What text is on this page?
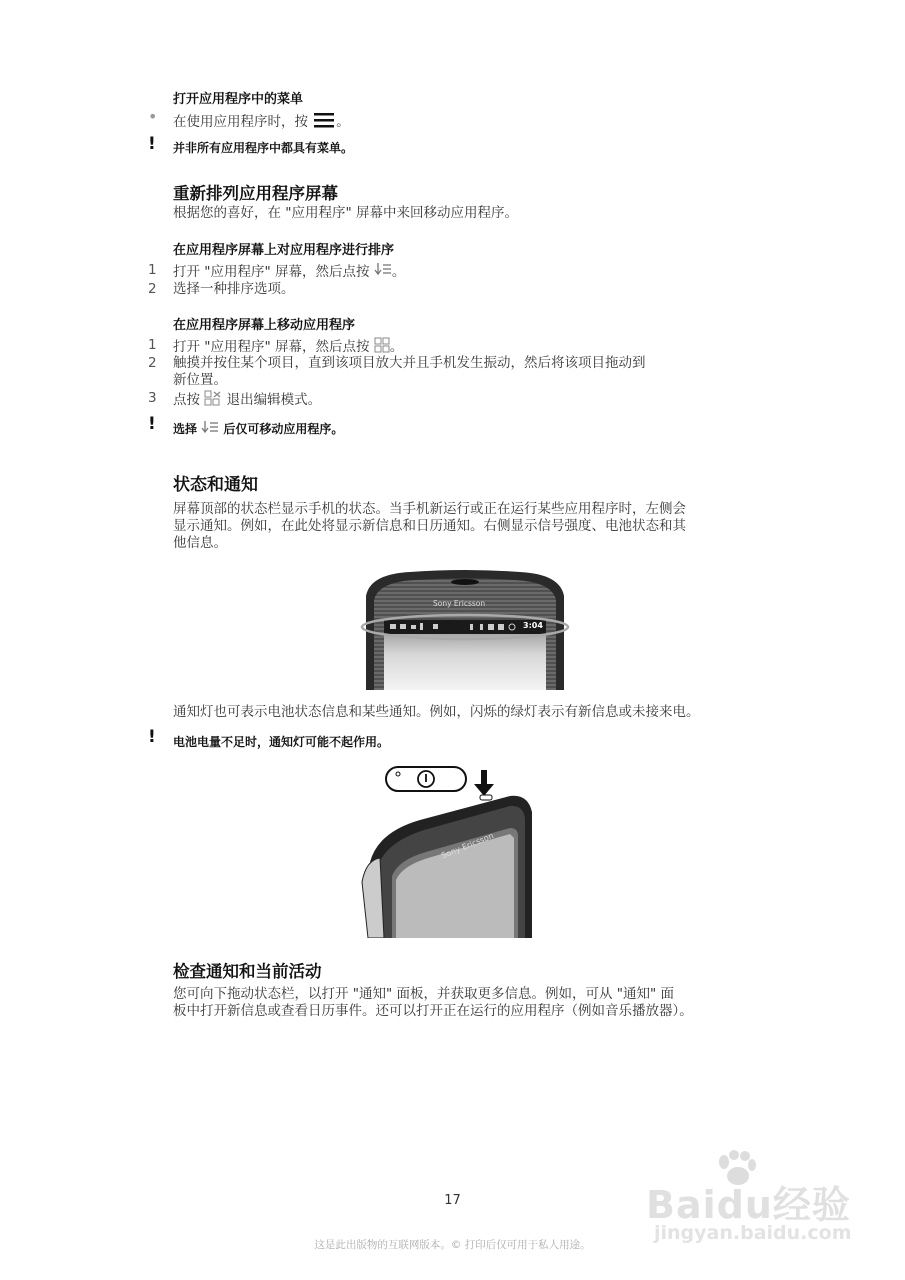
打开应用程序中的菜单
• 在使用应用程序时，按 。
! 并非所有应用程序中都具有菜单。
重新排列应用程序屏幕
根据您的喜好，在 "应用程序" 屏幕中来回移动应用程序。
在应用程序屏幕上对应用程序进行排序
1 打开 "应用程序" 屏幕，然后点按 。
2 选择一种排序选项。
在应用程序屏幕上移动应用程序
1 打开 "应用程序" 屏幕，然后点按 。
2 触摸并按住某个项目，直到该项目放大并且手机发生振动，然后将该项目拖动到
新位置。
3 点按 退出编辑模式。
! 选择 后仅可移动应用程序。
状态和通知
屏幕顶部的状态栏显示手机的状态。当手机新运行或正在运行某些应用程序时，左侧会
显示通知。例如，在此处将显示新信息和日历通知。右侧显示信号强度、电池状态和其
他信息。
Sony Ericsson
3:04
通知灯也可表示电池状态信息和某些通知。例如，闪烁的绿灯表示有新信息或未接来电。
! 电池电量不足时，通知灯可能不起作用。
Sony Ericsson
检查通知和当前活动
您可向下拖动状态栏，以打开 "通知" 面板，并获取更多信息。例如，可从 "通知" 面
板中打开新信息或查看日历事件。还可以打开正在运行的应用程序（例如音乐播放器）。
Baidu经验
jingyan.baidu.com
17
这是此出版物的互联网版本。© 打印后仅可用于私人用途。
